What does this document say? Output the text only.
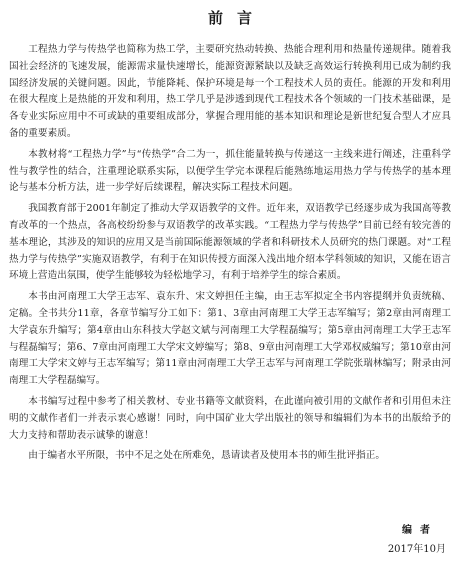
前言

工程热力学与传热学也简称为热工学，主要研究热动转换、热能合理利用和热量传递规律。随着我国社会经济的飞速发展，能源需求量快速增长，能源资源紧缺以及缺乏高效运行转换利用已成为制约我国经济发展的关键问题。因此，节能降耗、保护环境是每一个工程技术人员的责任。能源的开发和利用在很大程度上是热能的开发和利用，热工学几乎是涉透到现代工程技术各个领域的一门技术基础课，是各专业实际应用中不可或缺的重要组成部分，掌握合理用能的基本知识和理论是新世纪复合型人才应具备的重要素质。

本教材将“工程热力学”与“传热学”合二为一，抓住能量转换与传递这一主线来进行阐述，注重科学性与教学性的结合，注重理论联系实际，以便学生学完本课程后能熟练地运用热力学与传热学的基本理论与基本分析方法，进一步学好后续课程，解决实际工程技术问题。

我国教育部于2001年制定了推动大学双语教学的文件。近年来，双语教学已经逐步成为我国高等教育改革的一个热点，各高校纷纷参与双语教学的改革实践。“工程热力学与传热学”目前已经有较完善的基本理论，其涉及的知识的应用又是当前国际能源领域的学者和科研技术人员研究的热门课题。对“工程热力学与传热学”实施双语教学，有利于在知识传授方面深入浅出地介绍本学科领域的知识，又能在语言环境上营造出氛围，使学生能够较为轻松地学习，有利于培养学生的综合素质。

本书由河南理工大学王志军、袁东升、宋文婷担任主编，由王志军拟定全书内容提纲并负责统稿、定稿。全书共分11章，各章节编写分工如下：第1、3章由河南理工大学王志军编写；第2章由河南理工大学袁东升编写；第4章由山东科技大学赵文斌与河南理工大学程磊编写；第5章由河南理工大学王志军与程磊编写；第6、7章由河南理工大学宋文婷编写；第8、9章由河南理工大学邓权威编写；第10章由河南理工大学宋文婷与王志军编写；第11章由河南理工大学王志军与河南理工学院张瑞林编写；附录由河南理工大学程磊编写。

本书编写过程中参考了相关教材、专业书籍等文献资料，在此谨向被引用的文献作者和引用但未注明的文献作者们一并表示衷心感谢！同时，向中国矿业大学出版社的领导和编辑们为本书的出版给予的大力支持和帮助表示诚挚的谢意！

由于编者水平所限，书中不足之处在所难免，恳请读者及使用本书的师生批评指正。

编者
2017年10月
